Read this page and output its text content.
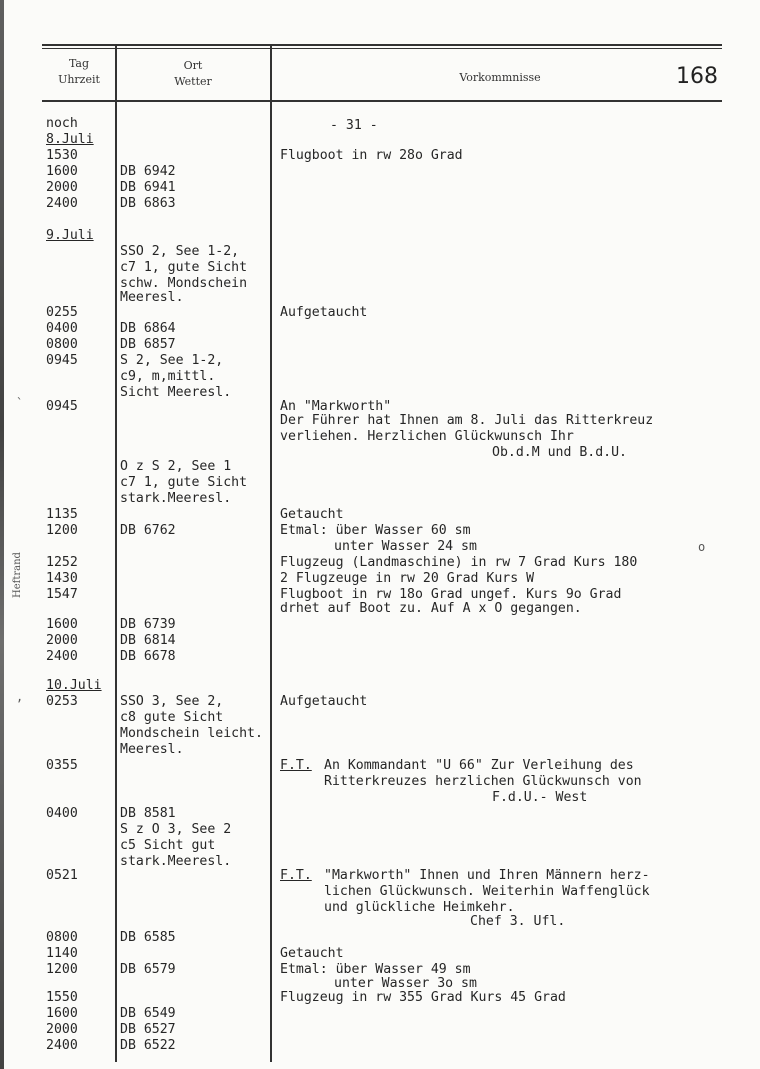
Tag
Uhrzeit
Ort
Wetter	Vorkommnisse	168
Heftrand
`
,
o
noch
8.Juli
1530
1600
2000
2400
9.Juli
0255
0400
0800
0945
0945
1135
1200
1252
1430
1547
1600
2000
2400
10.Juli
0253
0355
0400
0521
0800
1140
1200
1550
1600
2000
2400
DB 6942
DB 6941
DB 6863
SSO 2, See 1-2,
c7 1, gute Sicht
schw. Mondschein
Meeresl.
DB 6864
DB 6857
S 2, See 1-2,
c9, m,mittl.
Sicht Meeresl.
O z S 2, See 1
c7 1, gute Sicht
stark.Meeresl.
DB 6762
DB 6739
DB 6814
DB 6678
SSO 3, See 2,
c8 gute Sicht
Mondschein leicht.
Meeresl.
DB 8581
S z O 3, See 2
c5 Sicht gut
stark.Meeresl.
DB 6585
DB 6579
DB 6549
DB 6527
DB 6522
- 31 -
Flugboot in rw 28o Grad
Aufgetaucht
An "Markworth"
Der Führer hat Ihnen am 8. Juli das Ritterkreuz
verliehen. Herzlichen Glückwunsch Ihr
Ob.d.M und B.d.U.
Getaucht
Etmal: über Wasser 60 sm
unter Wasser 24 sm
Flugzeug (Landmaschine) in rw 7 Grad Kurs 180
2 Flugzeuge in rw 20 Grad Kurs W
Flugboot in rw 18o Grad ungef. Kurs 9o Grad
drhet auf Boot zu. Auf A x O gegangen.
Aufgetaucht
F.T. An Kommandant "U 66" Zur Verleihung des
Ritterkreuzes herzlichen Glückwunsch von
F.d.U.- West
F.T. "Markworth" Ihnen und Ihren Männern herz-
lichen Glückwunsch. Weiterhin Waffenglück
und glückliche Heimkehr.
Chef 3. Ufl.
Getaucht
Etmal: über Wasser 49 sm
unter Wasser 3o sm
Flugzeug in rw 355 Grad Kurs 45 Grad
